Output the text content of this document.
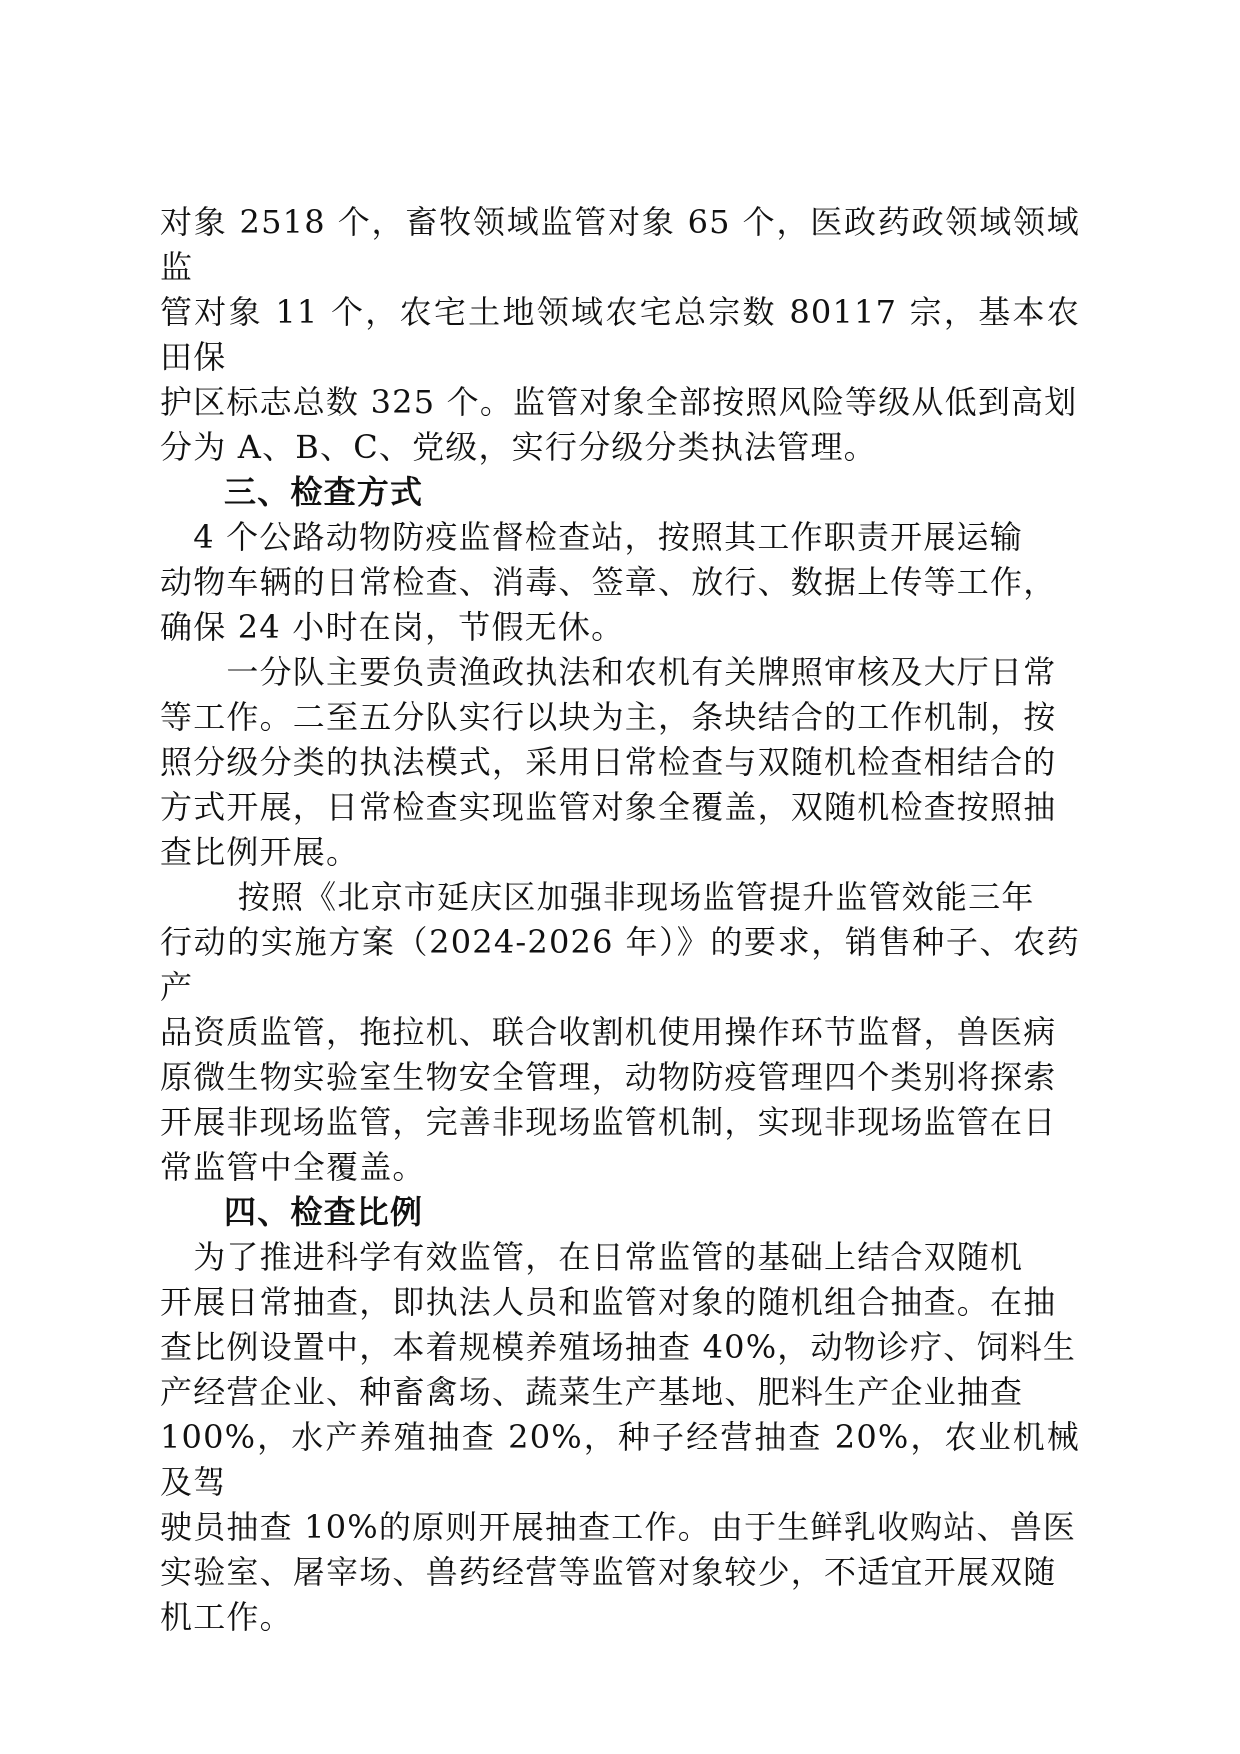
对象 2518 个，畜牧领域监管对象 65 个，医政药政领域领域监
管对象 11 个，农宅土地领域农宅总宗数 80117 宗，基本农田保
护区标志总数 325 个。监管对象全部按照风险等级从低到高划
分为 A、B、C、党级，实行分级分类执法管理。
三、检查方式
　4 个公路动物防疫监督检查站，按照其工作职责开展运输
动物车辆的日常检查、消毒、签章、放行、数据上传等工作，
确保 24 小时在岗，节假无休。
　　一分队主要负责渔政执法和农机有关牌照审核及大厅日常
等工作。二至五分队实行以块为主，条块结合的工作机制，按
照分级分类的执法模式，采用日常检查与双随机检查相结合的
方式开展，日常检查实现监管对象全覆盖，双随机检查按照抽
查比例开展。
　　 按照《北京市延庆区加强非现场监管提升监管效能三年
行动的实施方案（2024-2026 年）》的要求，销售种子、农药产
品资质监管，拖拉机、联合收割机使用操作环节监督，兽医病
原微生物实验室生物安全管理，动物防疫管理四个类别将探索
开展非现场监管，完善非现场监管机制，实现非现场监管在日
常监管中全覆盖。
四、检查比例
　为了推进科学有效监管，在日常监管的基础上结合双随机
开展日常抽查，即执法人员和监管对象的随机组合抽查。在抽
查比例设置中，本着规模养殖场抽查 40%，动物诊疗、饲料生
产经营企业、种畜禽场、蔬菜生产基地、肥料生产企业抽查
100%，水产养殖抽查 20%，种子经营抽查 20%，农业机械及驾
驶员抽查 10%的原则开展抽查工作。由于生鲜乳收购站、兽医
实验室、屠宰场、兽药经营等监管对象较少，不适宜开展双随
机工作。
